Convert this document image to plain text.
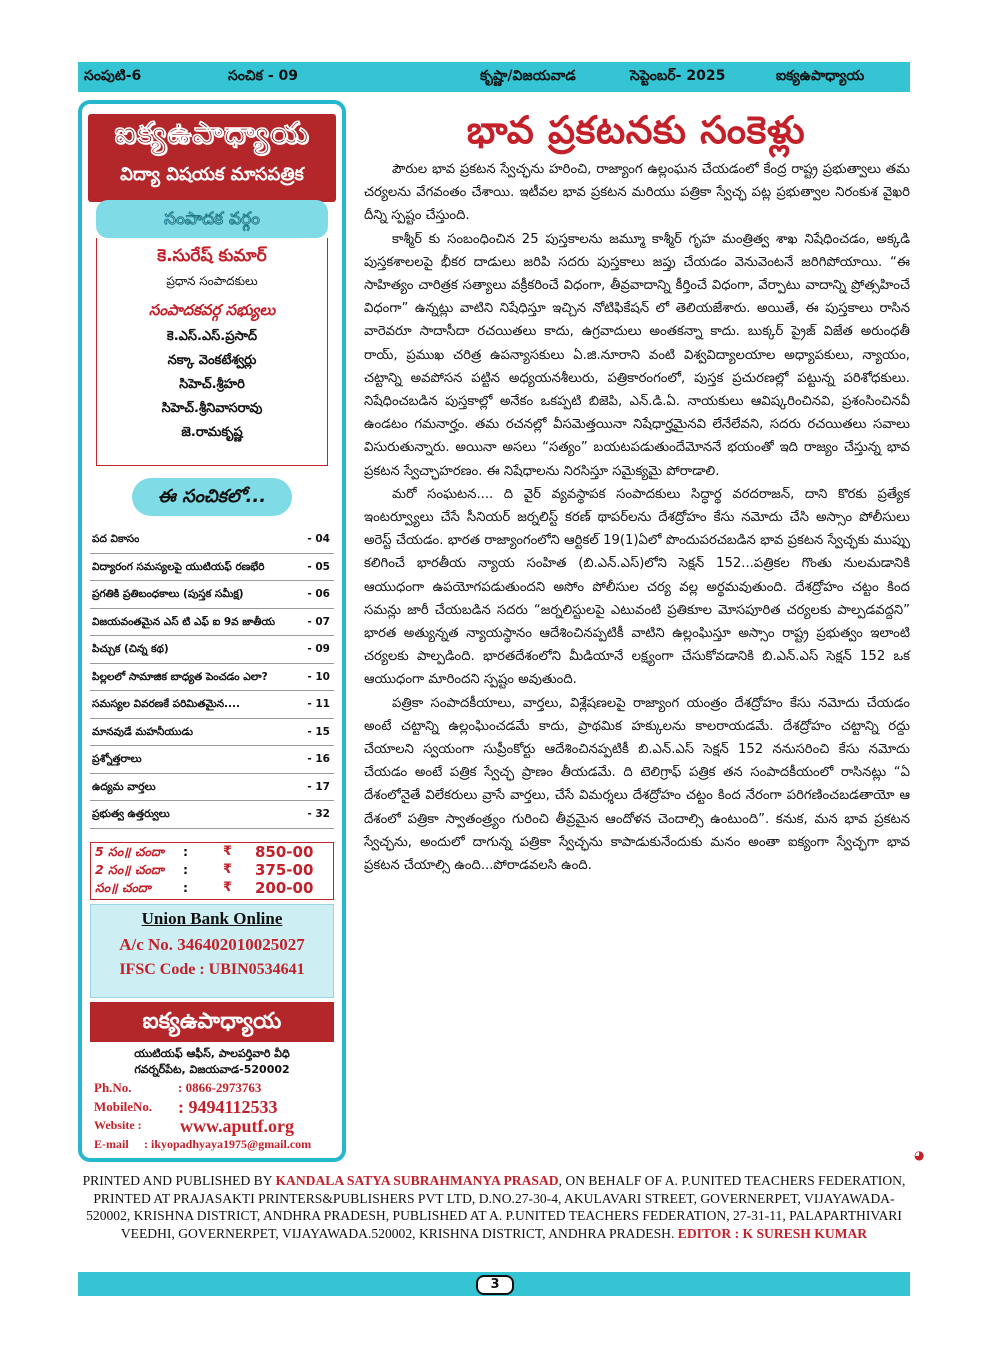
సంపుటి-6	సంచిక - 09	కృష్ణా/విజయవాడ	సెప్టెంబర్- 2025	ఐక్యఉపాధ్యాయ
ఐక్యఉపాధ్యాయ
విద్యా విషయక మాసపత్రిక
సంపాదక వర్గం
కె.సురేష్ కుమార్
ప్రధాన సంపాదకులు
సంపాదకవర్గ సభ్యులు
కె.ఎస్.ఎస్.ప్రసాద్
నక్కా వెంకటేశ్వర్లు
సిహెచ్.శ్రీహరి
సిహెచ్.శ్రీనివాసరావు
జె.రామకృష్ణ
ఈ సంచికలో...
పద వికాసం	- 04
విద్యారంగ సమస్యలపై యుటియఫ్ రణభేరి	- 05
ప్రగతికి ప్రతిబంధకాలు (పుస్తక సమీక్ష)	- 06
విజయవంతమైన ఎస్ టి ఎఫ్ ఐ 9వ జాతీయ	- 07
పిచ్చుక (చిన్న కథ)	- 09
పిల్లలలో సామాజిక బాధ్యత పెంచడం ఎలా?	- 10
సమస్యల వివరణకే పరిమితమైన....	- 11
మానవుడే మహనీయుడు	- 15
ప్రశ్నోత్తరాలు	- 16
ఉద్యమ వార్తలు	- 17
ప్రభుత్వ ఉత్తర్వులు	- 32
5 సం॥ చందా :	₹ 850-00
2 సం॥ చందా :	₹ 375-00
సం॥ చందా	:	₹ 200-00
Union Bank Online
A/c No. 346402010025027
IFSC Code : UBIN0534641
ఐక్యఉపాధ్యాయ
యుటియఫ్ ఆఫీస్, పాలపర్తివారి వీధి
గవర్నర్‌పేట, విజయవాడ-520002
Ph.No.	: 0866-2973763
MobileNo. : 9494112533
Website : www.aputf.org
E-mail : ikyopadhyaya1975@gmail.com
భావ ప్రకటనకు సంకెళ్లు

పౌరుల భావ ప్రకటన స్వేచ్ఛను హరించి, రాజ్యాంగ ఉల్లంఘన చేయడంలో కేంద్ర రాష్ట్ర ప్రభుత్వాలు తమ చర్యలను వేగవంతం చేశాయి. ఇటీవల భావ ప్రకటన మరియు పత్రికా స్వేచ్ఛ పట్ల ప్రభుత్వాల నిరంకుశ వైఖరి దీన్ని స్పష్టం చేస్తుంది.

కాశ్మీర్ కు సంబంధించిన 25 పుస్తకాలను జమ్మూ కాశ్మీర్ గృహ మంత్రిత్వ శాఖ నిషేధించడం, అక్కడి పుస్తకశాలలపై భీకర దాడులు జరిపి సదరు పుస్తకాలు జప్తు చేయడం వెనువెంటనే జరిగిపోయాయి. “ఈ సాహిత్యం చారిత్రక సత్యాలు వక్రీకరించే విధంగా, తీవ్రవాదాన్ని కీర్తించే విధంగా, వేర్పాటు వాదాన్ని ప్రోత్సహించే విధంగా” ఉన్నట్లు వాటిని నిషేధిస్తూ ఇచ్చిన నోటిఫికేషన్ లో తెలియజేశారు. అయితే, ఈ పుస్తకాలు రాసిన వారెవరూ సాదాసీదా రచయితలు కాదు, ఉగ్రవాదులు అంతకన్నా కాదు. బుక్కర్ ప్రైజ్ విజేత అరుంధతీ రాయ్, ప్రముఖ చరిత్ర ఉపన్యాసకులు ఏ.జి.నూరాని వంటి విశ్వవిద్యాలయాల అధ్యాపకులు, న్యాయం, చట్టాన్ని అవపోసన పట్టిన అధ్యయనశీలురు, పత్రికారంగంలో, పుస్తక ప్రచురణల్లో పట్టున్న పరిశోధకులు. నిషేధించబడిన పుస్తకాల్లో అనేకం ఒకప్పటి బిజెపి, ఎన్.డి.ఏ. నాయకులు ఆవిష్కరించినవి, ప్రశంసించినవీ ఉండటం గమనార్హం. తమ రచనల్లో వీసమెత్తయినా నిషేధార్హమైనవి లేనేలేవని, సదరు రచయితలు సవాలు విసురుతున్నారు. అయినా అసలు “సత్యం” బయటపడుతుందేమోననే భయంతో ఇది రాజ్యం చేస్తున్న భావ ప్రకటన స్వేచ్ఛాహరణం. ఈ నిషేధాలను నిరసిస్తూ సమైక్యమై పోరాడాలి.

మరో సంఘటన.... ది వైర్ వ్యవస్థాపక సంపాదకులు సిద్ధార్థ వరదరాజన్, దాని కొరకు ప్రత్యేక ఇంటర్వ్యూలు చేసే సీనియర్ జర్నలిస్ట్ కరణ్ థాపర్‌లను దేశద్రోహం కేసు నమోదు చేసి అస్సాం పోలీసులు అరెస్ట్ చేయడం. భారత రాజ్యాంగంలోని ఆర్టికల్ 19(1)ఏలో పొందుపరచబడిన భావ ప్రకటన స్వేచ్ఛకు ముప్పు కలిగించే భారతీయ న్యాయ సంహిత (బి.ఎన్.ఎస్)లోని సెక్షన్ 152...పత్రికల గొంతు నులమడానికి ఆయుధంగా ఉపయోగపడుతుందని అసోం పోలీసుల చర్య వల్ల అర్థమవుతుంది. దేశద్రోహం చట్టం కింద సమన్లు జారీ చేయబడిన సదరు “జర్నలిస్టులపై ఎటువంటి ప్రతికూల మోసపూరిత చర్యలకు పాల్పడవద్దని” భారత అత్యున్నత న్యాయస్థానం ఆదేశించినప్పటికీ వాటిని ఉల్లంఘిస్తూ అస్సాం రాష్ట్ర ప్రభుత్వం ఇలాంటి చర్యలకు పాల్పడింది. భారతదేశంలోని మీడియానే లక్ష్యంగా చేసుకోవడానికి బి.ఎన్.ఎస్ సెక్షన్ 152 ఒక ఆయుధంగా మారిందని స్పష్టం అవుతుంది.

పత్రికా సంపాదకీయాలు, వార్తలు, విశ్లేషణలపై రాజ్యాంగ యంత్రం దేశద్రోహం కేసు నమోదు చేయడం అంటే చట్టాన్ని ఉల్లంఘించడమే కాదు, ప్రాథమిక హక్కులను కాలరాయడమే. దేశద్రోహం చట్టాన్ని రద్దు చేయాలని స్వయంగా సుప్రీంకోర్టు ఆదేశించినప్పటికీ బి.ఎన్.ఎస్ సెక్షన్ 152 ననుసరించి కేసు నమోదు చేయడం అంటే పత్రిక స్వేచ్ఛ ప్రాణం తీయడమే. ది టెలిగ్రాఫ్ పత్రిక తన సంపాదకీయంలో రాసినట్లు “ఏ దేశంలోనైతే విలేకరులు వ్రాసే వార్తలు, చేసే విమర్శలు దేశద్రోహం చట్టం కింద నేరంగా పరిగణించబడతాయో ఆ దేశంలో పత్రికా స్వాతంత్ర్యం గురించి తీవ్రమైన ఆందోళన చెందాల్సి ఉంటుంది”. కనుక, మన భావ ప్రకటన స్వేచ్ఛను, అందులో దాగున్న పత్రికా స్వేచ్ఛను కాపాడుకునేందుకు మనం అంతా ఐక్యంగా స్వేచ్ఛగా భావ ప్రకటన చేయాల్సి ఉంది...పోరాడవలసి ఉంది.

◕
PRINTED AND PUBLISHED BY KANDALA SATYA SUBRAHMANYA PRASAD, ON BEHALF OF A. P.UNITED TEACHERS FEDERATION, PRINTED AT PRAJASAKTI PRINTERS&PUBLISHERS PVT LTD, D.NO.27-30-4, AKULAVARI STREET, GOVERNERPET, VIJAYAWADA- 520002, KRISHNA DISTRICT, ANDHRA PRADESH, PUBLISHED AT A. P.UNITED TEACHERS FEDERATION, 27-31-11, PALAPARTHIVARI VEEDHI, GOVERNERPET, VIJAYAWADA.520002, KRISHNA DISTRICT, ANDHRA PRADESH. EDITOR : K SURESH KUMAR
3
